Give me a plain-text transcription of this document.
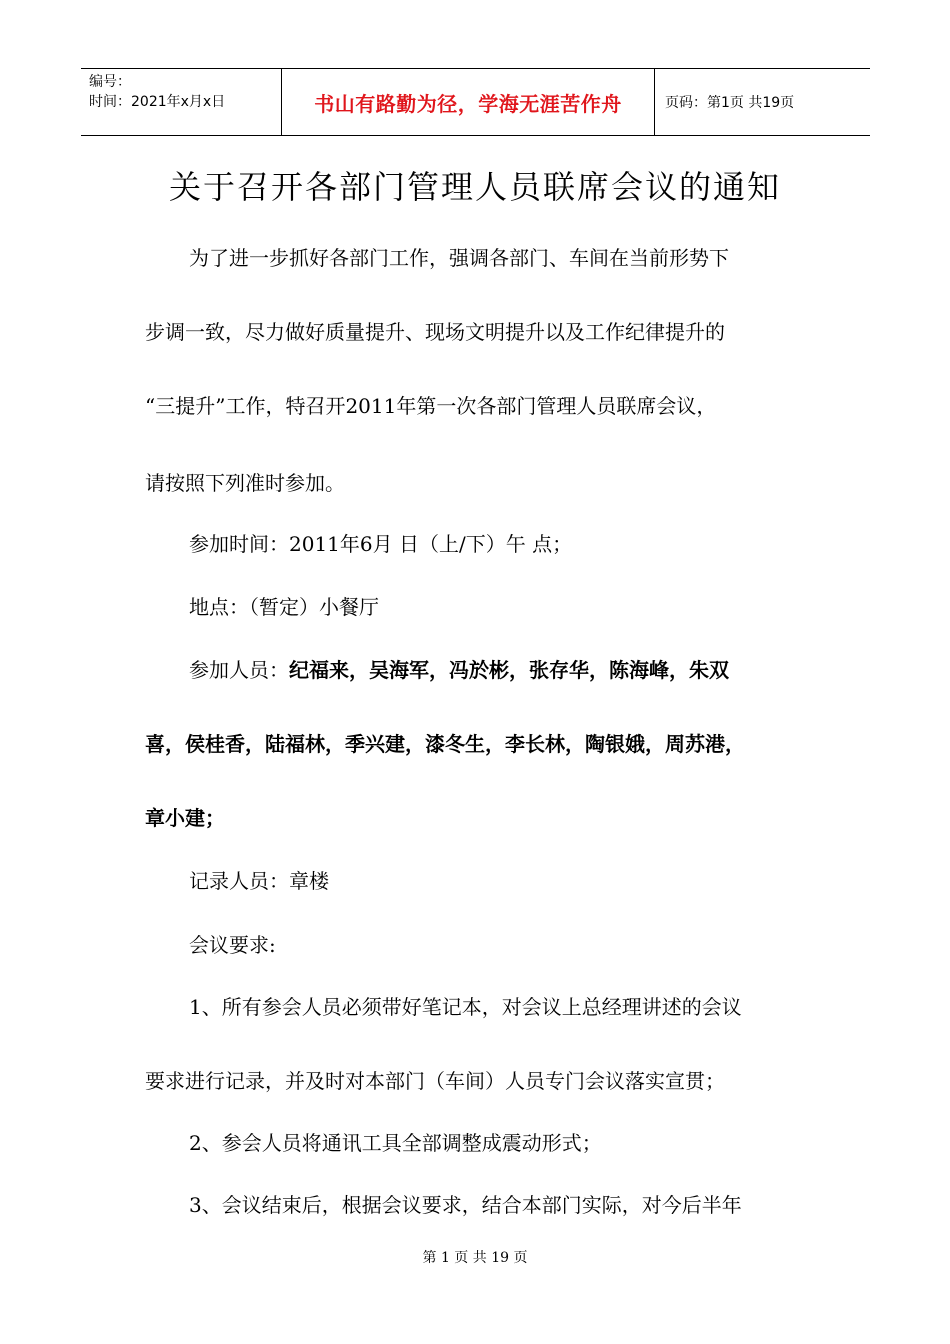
编号：
时间：2021年x月x日	书山有路勤为径，学海无涯苦作舟	页码：第1页 共19页
关于召开各部门管理人员联席会议的通知
为了进一步抓好各部门工作，强调各部门、车间在当前形势下
步调一致，尽力做好质量提升、现场文明提升以及工作纪律提升的
“三提升”工作，特召开2011年第一次各部门管理人员联席会议，
请按照下列准时参加。
参加时间：2011年6月 日（上/下）午 点；
地点：（暂定）小餐厅
参加人员：纪福来，吴海军，冯於彬，张存华，陈海峰，朱双
喜，侯桂香，陆福林，季兴建，漆冬生，李长林，陶银娥，周苏港，
章小建；
记录人员：章楼
会议要求:
1、所有参会人员必须带好笔记本，对会议上总经理讲述的会议
要求进行记录，并及时对本部门（车间）人员专门会议落实宣贯；
2、参会人员将通讯工具全部调整成震动形式；
3、会议结束后，根据会议要求，结合本部门实际，对今后半年
第 1 页 共 19 页
